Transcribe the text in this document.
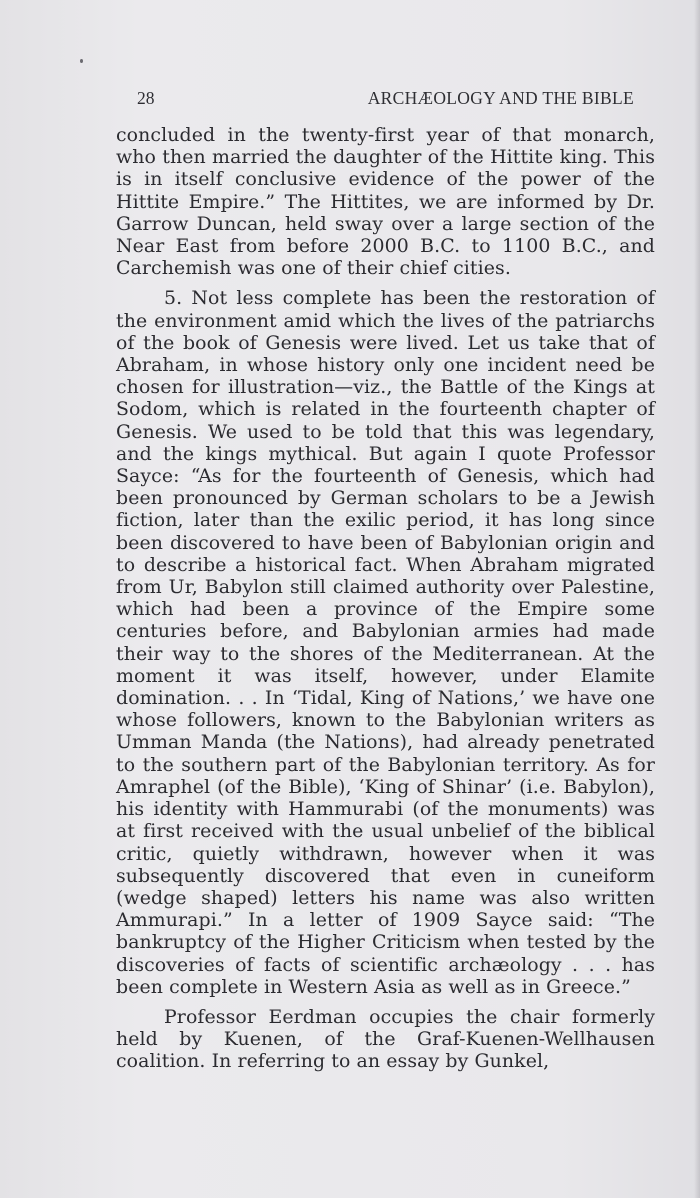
28	ARCHÆOLOGY AND THE BIBLE

concluded in the twenty-first year of that monarch, who then married the daughter of the Hittite king. This is in itself conclusive evidence of the power of the Hittite Empire.” The Hittites, we are informed by Dr. Garrow Duncan, held sway over a large section of the Near East from before 2000 B.C. to 1100 B.C., and Carchemish was one of their chief cities.

5. Not less complete has been the restoration of the environment amid which the lives of the patriarchs of the book of Genesis were lived. Let us take that of Abraham, in whose history only one incident need be chosen for illustration—viz., the Battle of the Kings at Sodom, which is related in the fourteenth chapter of Genesis. We used to be told that this was legendary, and the kings mythical. But again I quote Professor Sayce: “As for the fourteenth of Genesis, which had been pronounced by German scholars to be a Jewish fiction, later than the exilic period, it has long since been discovered to have been of Babylonian origin and to describe a historical fact. When Abraham migrated from Ur, Babylon still claimed authority over Palestine, which had been a province of the Empire some centuries before, and Babylonian armies had made their way to the shores of the Mediterranean. At the moment it was itself, however, under Elamite domination. . . In ‘Tidal, King of Nations,’ we have one whose followers, known to the Babylonian writers as Umman Manda (the Nations), had already penetrated to the southern part of the Babylonian territory. As for Amraphel (of the Bible), ‘King of Shinar’ (i.e. Babylon), his identity with Hammurabi (of the monuments) was at first received with the usual unbelief of the biblical critic, quietly withdrawn, however when it was subsequently discovered that even in cuneiform (wedge shaped) letters his name was also written Ammurapi.” In a letter of 1909 Sayce said: “The bankruptcy of the Higher Criticism when tested by the discoveries of facts of scientific archæology . . . has been complete in Western Asia as well as in Greece.”

Professor Eerdman occupies the chair formerly held by Kuenen, of the Graf-Kuenen-Wellhausen coalition. In referring to an essay by Gunkel,
